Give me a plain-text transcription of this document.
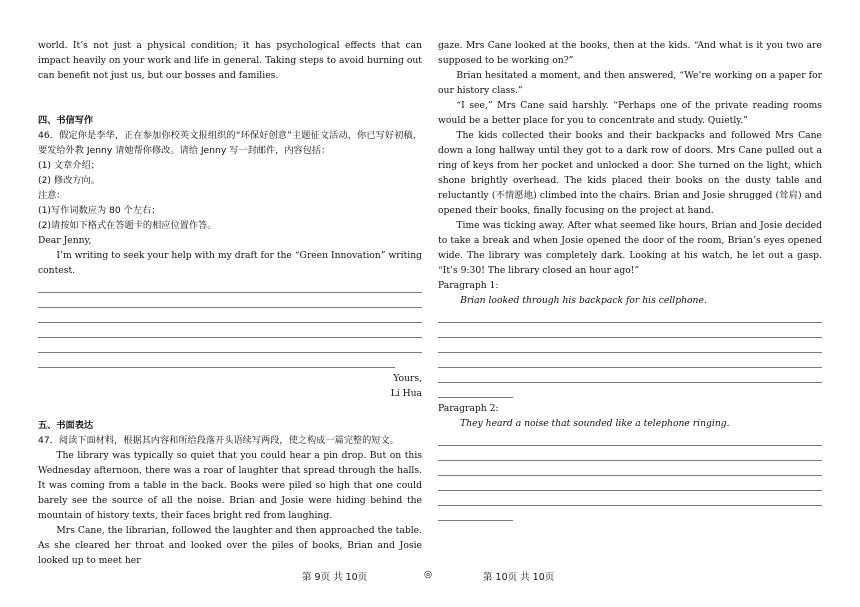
world. It’s not just a physical condition; it has psychological effects that can impact heavily on your work and life in general. Taking steps to avoid burning out can benefit not just us, but our bosses and families.

四、书信写作

46．假定你是李华，正在参加你校英文报组织的“环保好创意”主题征文活动，你已写好初稿，要发给外教 Jenny 请她帮你修改。请给 Jenny 写一封邮件，内容包括：

(1) 文章介绍；
(2) 修改方向。
注意：
(1)写作词数应为 80 个左右；
(2)请按如下格式在答题卡的相应位置作答。
Dear Jenny,

I’m writing to seek your help with my draft for the “Green Innovation” writing contest.

Yours,
Li Hua
五、书面表达

47．阅读下面材料，根据其内容和所给段落开头语续写两段，使之构成一篇完整的短文。

The library was typically so quiet that you could hear a pin drop. But on this Wednesday afternoon, there was a roar of laughter that spread through the halls. It was coming from a table in the back. Books were piled so high that one could barely see the source of all the noise. Brian and Josie were hiding behind the mountain of history texts, their faces bright red from laughing.

Mrs Cane, the librarian, followed the laughter and then approached the table. As she cleared her throat and looked over the piles of books, Brian and Josie looked up to meet her

gaze. Mrs Cane looked at the books, then at the kids. “And what is it you two are supposed to be working on?”

Brian hesitated a moment, and then answered, “We’re working on a paper for our history class.”

“I see,” Mrs Cane said harshly. “Perhaps one of the private reading rooms would be a better place for you to concentrate and study. Quietly.”

The kids collected their books and their backpacks and followed Mrs Cane down a long hallway until they got to a dark row of doors. Mrs Cane pulled out a ring of keys from her pocket and unlocked a door. She turned on the light, which shone brightly overhead. The kids placed their books on the dusty table and reluctantly (不情愿地) climbed into the chairs. Brian and Josie shrugged (耸肩) and opened their books, finally focusing on the project at hand.

Time was ticking away. After what seemed like hours, Brian and Josie decided to take a break and when Josie opened the door of the room, Brian’s eyes opened wide. The library was completely dark. Looking at his watch, he let out a gasp. “It’s 9:30! The library closed an hour ago!”

Paragraph 1:
Brian looked through his backpack for his cellphone.
Paragraph 2:
They heard a noise that sounded like a telephone ringing.
第 9页 共 10页	◎	第 10页 共 10页
